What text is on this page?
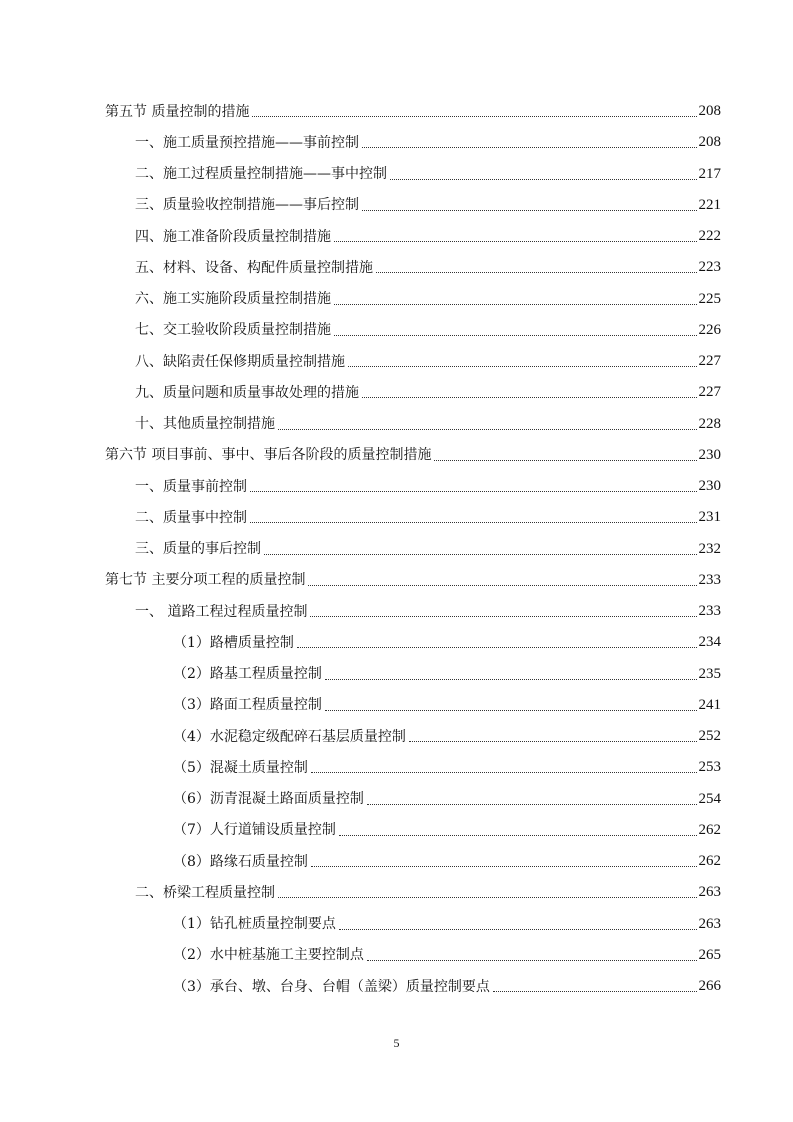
第五节 质量控制的措施	208
一、施工质量预控措施——事前控制	208
二、施工过程质量控制措施——事中控制	217
三、质量验收控制措施——事后控制	221
四、施工准备阶段质量控制措施	222
五、材料、设备、构配件质量控制措施	223
六、施工实施阶段质量控制措施	225
七、交工验收阶段质量控制措施	226
八、缺陷责任保修期质量控制措施	227
九、质量问题和质量事故处理的措施	227
十、其他质量控制措施	228
第六节 项目事前、事中、事后各阶段的质量控制措施	230
一、质量事前控制	230
二、质量事中控制	231
三、质量的事后控制	232
第七节 主要分项工程的质量控制	233
一、 道路工程过程质量控制	233
（1）路槽质量控制	234
（2）路基工程质量控制	235
（3）路面工程质量控制	241
（4）水泥稳定级配碎石基层质量控制	252
（5）混凝土质量控制	253
（6）沥青混凝土路面质量控制	254
（7）人行道铺设质量控制	262
（8）路缘石质量控制	262
二、桥梁工程质量控制	263
（1）钻孔桩质量控制要点	263
（2）水中桩基施工主要控制点	265
（3）承台、墩、台身、台帽（盖梁）质量控制要点	266
5
